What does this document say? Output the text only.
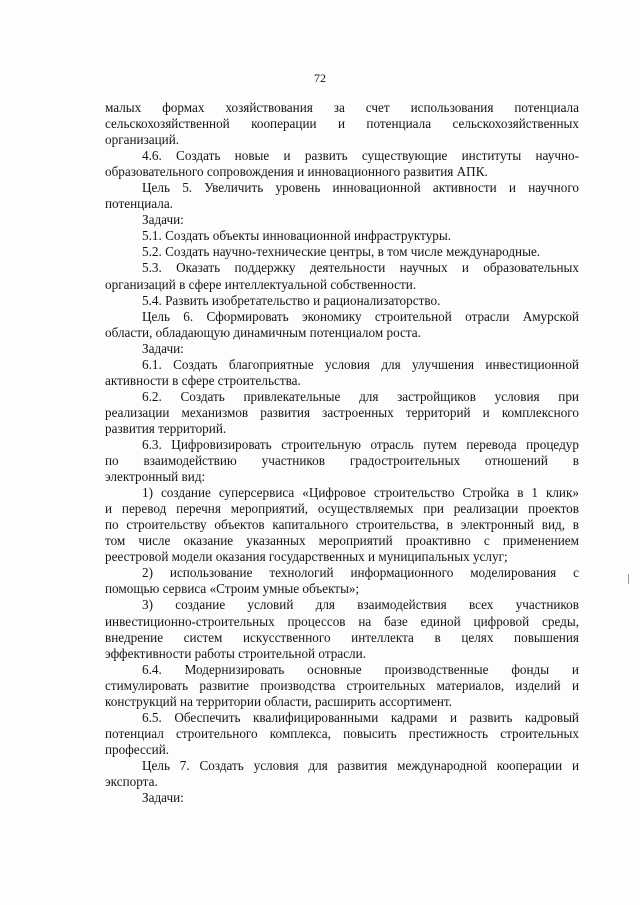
72
малых формах хозяйствования за счет использования потенциала
сельскохозяйственной кооперации и потенциала сельскохозяйственных
организаций.
4.6. Создать новые и развить существующие институты научно-
образовательного сопровождения и инновационного развития АПК.
Цель 5. Увеличить уровень инновационной активности и научного
потенциала.
Задачи:
5.1. Создать объекты инновационной инфраструктуры.
5.2. Создать научно-технические центры, в том числе международные.
5.3. Оказать поддержку деятельности научных и образовательных
организаций в сфере интеллектуальной собственности.
5.4. Развить изобретательство и рационализаторство.
Цель 6. Сформировать экономику строительной отрасли Амурской
области, обладающую динамичным потенциалом роста.
Задачи:
6.1. Создать благоприятные условия для улучшения инвестиционной
активности в сфере строительства.
6.2. Создать привлекательные для застройщиков условия при
реализации механизмов развития застроенных территорий и комплексного
развития территорий.
6.3. Цифровизировать строительную отрасль путем перевода процедур
по взаимодействию участников градостроительных отношений в
электронный вид:
1) создание суперсервиса «Цифровое строительство Стройка в 1 клик»
и перевод перечня мероприятий, осуществляемых при реализации проектов
по строительству объектов капитального строительства, в электронный вид, в
том числе оказание указанных мероприятий проактивно с применением
реестровой модели оказания государственных и муниципальных услуг;
2) использование технологий информационного моделирования с
помощью сервиса «Строим умные объекты»;
3) создание условий для взаимодействия всех участников
инвестиционно-строительных процессов на базе единой цифровой среды,
внедрение систем искусственного интеллекта в целях повышения
эффективности работы строительной отрасли.
6.4. Модернизировать основные производственные фонды и
стимулировать развитие производства строительных материалов, изделий и
конструкций на территории области, расширить ассортимент.
6.5. Обеспечить квалифицированными кадрами и развить кадровый
потенциал строительного комплекса, повысить престижность строительных
профессий.
Цель 7. Создать условия для развития международной кооперации и
экспорта.
Задачи:
